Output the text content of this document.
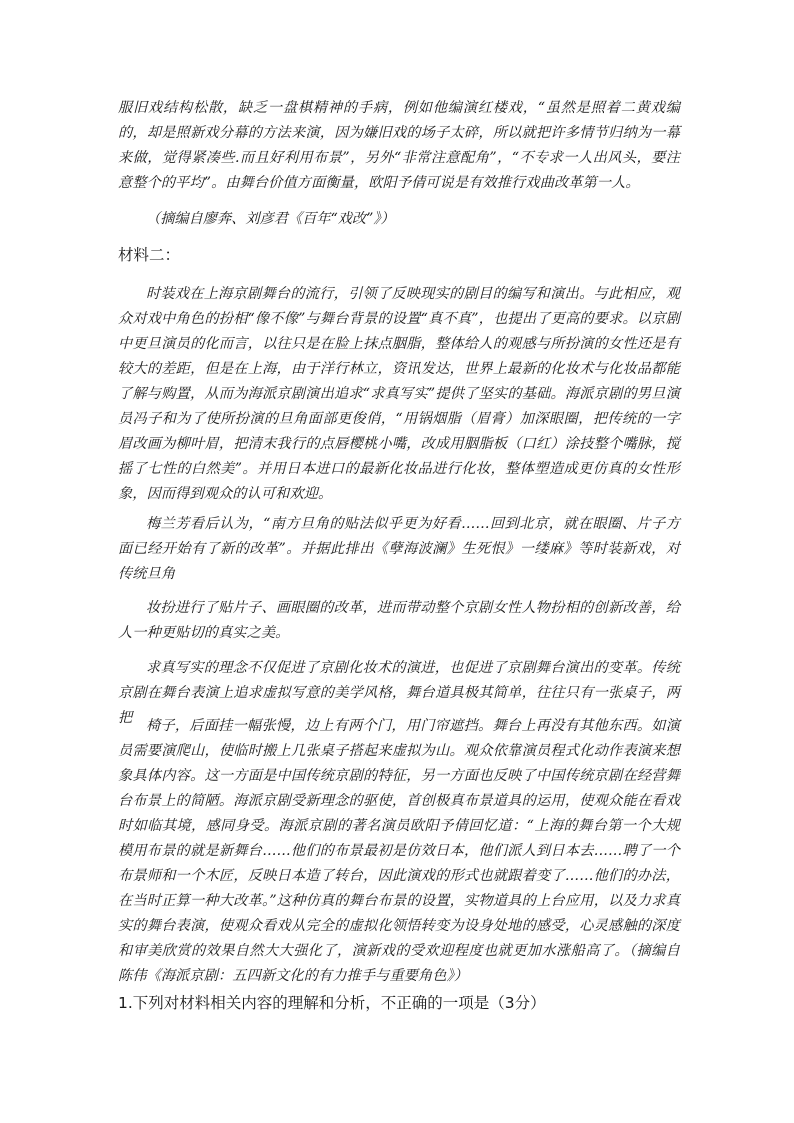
服旧戏结构松散，缺乏一盘棋精神的手病，例如他编演红楼戏，“虽然是照着二黄戏编的，却是照新戏分幕的方法来演，因为嫌旧戏的场子太碎，所以就把许多情节归纳为一幕来做，觉得紧凑些.而且好利用布景”，另外“非常注意配角”，“不专求一人出风头，要注意整个的平均”。由舞台价值方面衡量，欧阳予倩可说是有效推行戏曲改革第一人。

（摘编自廖奔、刘彦君《百年“戏改”》）

材料二：

时装戏在上海京剧舞台的流行，引领了反映现实的剧目的编写和演出。与此相应，观众对戏中角色的扮相“像不像”与舞台背景的设置“真不真”，也提出了更高的要求。以京剧中更旦演员的化而言，以往只是在脸上抹点胭脂，整体给人的观感与所扮演的女性还是有较大的差距，但是在上海，由于洋行林立，资讯发达，世界上最新的化妆术与化妆品都能了解与购置，从而为海派京剧演出追求“求真写实”提供了坚实的基础。海派京剧的男旦演员冯子和为了使所扮演的旦角面部更俊俏，“用锅烟脂（眉膏）加深眼圈，把传统的一字眉改画为柳叶眉，把清末我行的点唇樱桃小嘴，改成用胭脂板（口红）涂技整个嘴脉，搅摇了七性的白然美”。并用日本进口的最新化妆品进行化妆，整体塑造成更仿真的女性形象，因而得到观众的认可和欢迎。

梅兰芳看后认为，“南方旦角的贴法似乎更为好看……回到北京，就在眼圈、片子方面已经开始有了新的改革”。并据此排出《孽海波澜》生死恨》一缕麻》等时装新戏，对传统旦角

妆扮进行了贴片子、画眼圈的改革，进而带动整个京剧女性人物扮相的创新改善，给人一种更贴切的真实之美。

求真写实的理念不仅促进了京剧化妆术的演进，也促进了京剧舞台演出的变革。传统京剧在舞台表演上追求虚拟写意的美学风格，舞台道具极其简单，往往只有一张桌子，两把 椅子，后面挂一幅张慢，边上有两个门，用门帘遮挡。舞台上再没有其他东西。如演员需要演爬山，使临时搬上几张桌子搭起来虚拟为山。观众依靠演员程式化动作表演来想象具体内容。这一方面是中国传统京剧的特征，另一方面也反映了中国传统京剧在经营舞台布景上的简陋。海派京剧受新理念的驱使，首创极真布景道具的运用，使观众能在看戏时如临其境，感同身受。海派京剧的著名演员欧阳予倩回忆道：“上海的舞台第一个大规模用布景的就是新舞台……他们的布景最初是仿效日本，他们派人到日本去……聘了一个布景师和一个木匠，反映日本造了转台，因此演戏的形式也就跟着变了……他们的办法，在当时正算一种大改革。”这种仿真的舞台布景的设置，实物道具的上台应用，以及力求真实的舞台表演，使观众看戏从完全的虚拟化领悟转变为设身处地的感受，心灵感触的深度和审美欣赏的效果自然大大强化了，演新戏的受欢迎程度也就更加水涨船高了。（摘编自陈伟《海派京剧：五四新文化的有力推手与重要角色》）

1.下列对材料相关内容的理解和分析，不正确的一项是（3分）
